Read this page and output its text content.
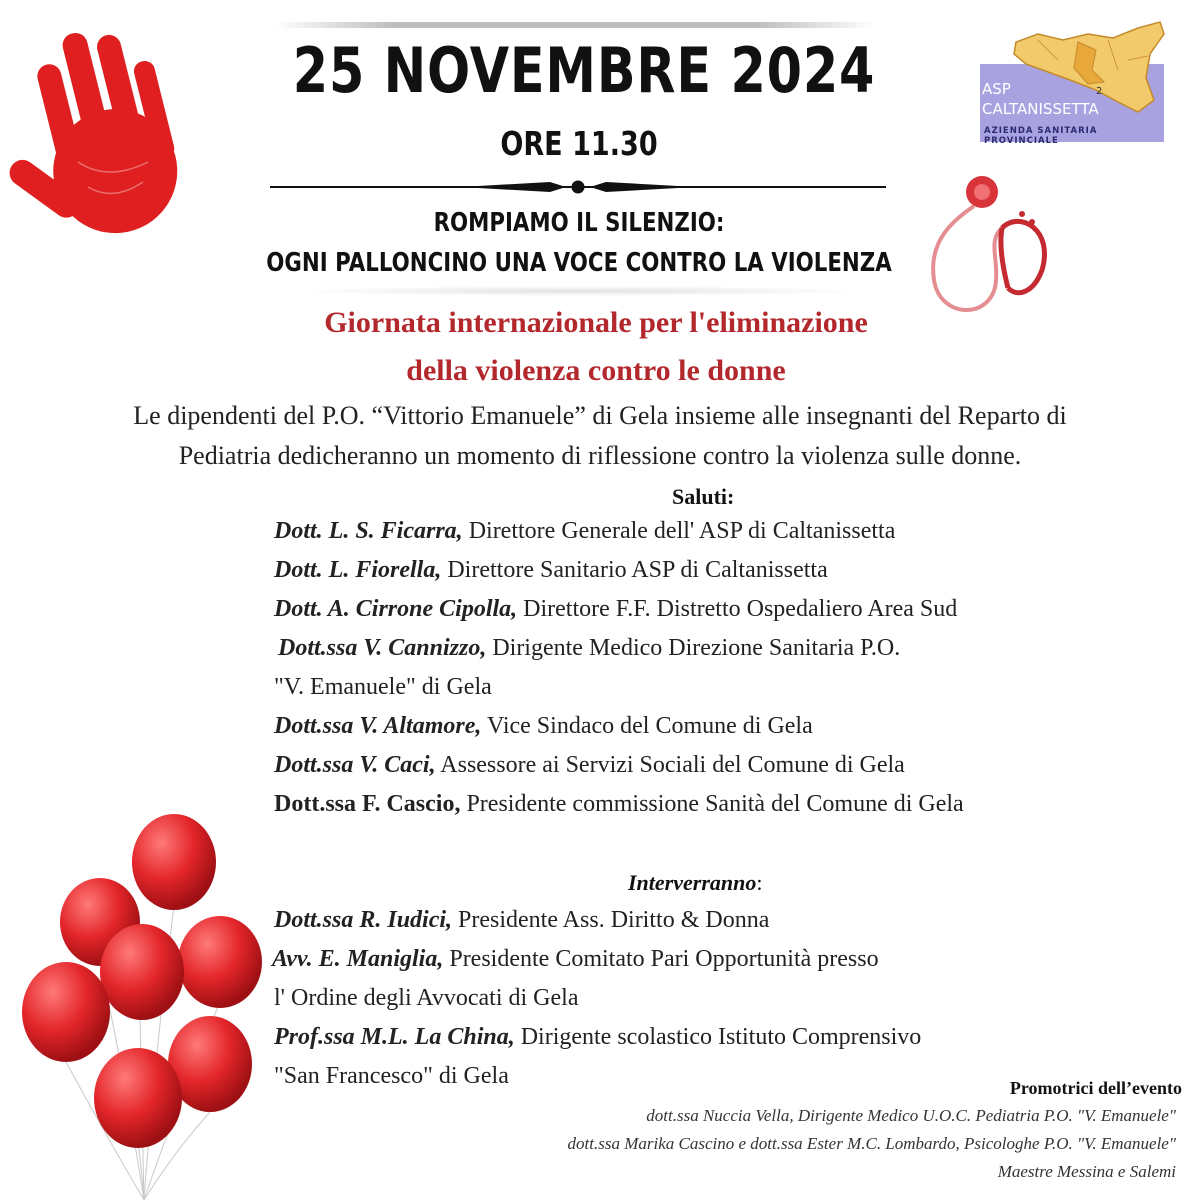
25 NOVEMBRE 2024
ORE 11.30
ROMPIAMO IL SILENZIO:
OGNI PALLONCINO UNA VOCE CONTRO LA VIOLENZA
2
ASP
CALTANISSETTA
AZIENDA SANITARIA PROVINCIALE
Giornata internazionale per l'eliminazione
della violenza contro le donne
Le dipendenti del P.O. “Vittorio Emanuele” di Gela insieme alle insegnanti del Reparto di
Pediatria dedicheranno un momento di riflessione contro la violenza sulle donne.
Saluti:
Dott. L. S. Ficarra, Direttore Generale dell' ASP di Caltanissetta
Dott. L. Fiorella, Direttore Sanitario ASP di Caltanissetta
Dott. A. Cirrone Cipolla, Direttore F.F. Distretto Ospedaliero Area Sud
Dott.ssa V. Cannizzo, Dirigente Medico Direzione Sanitaria P.O.
"V. Emanuele" di Gela
Dott.ssa V. Altamore, Vice Sindaco del Comune di Gela
Dott.ssa V. Caci, Assessore ai Servizi Sociali del Comune di Gela
Dott.ssa F. Cascio, Presidente commissione Sanità del Comune di Gela
Interverranno:
Dott.ssa R. Iudici, Presidente Ass. Diritto & Donna
Avv. E. Maniglia, Presidente Comitato Pari Opportunità presso
l' Ordine degli Avvocati di Gela
Prof.ssa M.L. La China, Dirigente scolastico Istituto Comprensivo
"San Francesco" di Gela	Promotrici dell’evento
dott.ssa Nuccia Vella, Dirigente Medico U.O.C. Pediatria P.O. "V. Emanuele"
dott.ssa Marika Cascino e dott.ssa Ester M.C. Lombardo, Psicologhe P.O. "V. Emanuele"
Maestre Messina e Salemi
